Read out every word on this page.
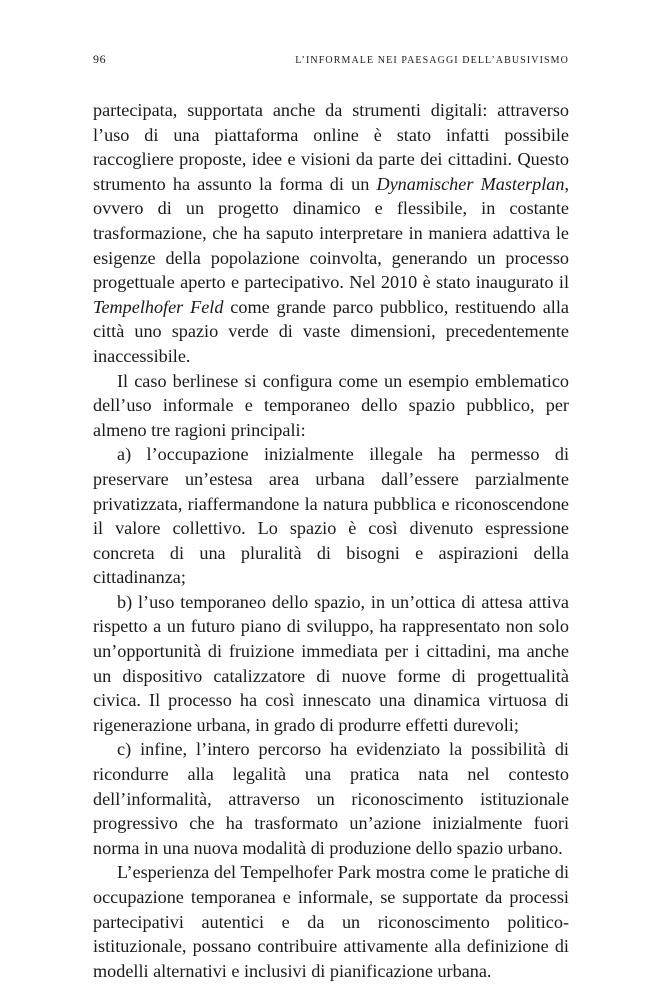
96	L’INFORMALE NEI PAESAGGI DELL’ABUSIVISMO

partecipata, supportata anche da strumenti digitali: attraverso l’uso di una piattaforma online è stato infatti possibile raccogliere proposte, idee e visioni da parte dei cittadini. Questo strumento ha assunto la forma di un Dynamischer Masterplan, ovvero di un progetto dinamico e flessibile, in costante trasformazione, che ha saputo interpretare in maniera adattiva le esigenze della popolazione coinvolta, generando un processo progettuale aperto e partecipativo. Nel 2010 è stato inaugurato il Tempelhofer Feld come grande parco pubblico, restituendo alla città uno spazio verde di vaste dimensioni, precedentemente inaccessibile.

Il caso berlinese si configura come un esempio emblematico dell’uso informale e temporaneo dello spazio pubblico, per almeno tre ragioni principali:

a) l’occupazione inizialmente illegale ha permesso di preservare un’estesa area urbana dall’essere parzialmente privatizzata, riaffermandone la natura pubblica e riconoscendone il valore collettivo. Lo spazio è così divenuto espressione concreta di una pluralità di bisogni e aspirazioni della cittadinanza;

b) l’uso temporaneo dello spazio, in un’ottica di attesa attiva rispetto a un futuro piano di sviluppo, ha rappresentato non solo un’opportunità di fruizione immediata per i cittadini, ma anche un dispositivo catalizzatore di nuove forme di progettualità civica. Il processo ha così innescato una dinamica virtuosa di rigenerazione urbana, in grado di produrre effetti durevoli;

c) infine, l’intero percorso ha evidenziato la possibilità di ricondurre alla legalità una pratica nata nel contesto dell’informalità, attraverso un riconoscimento istituzionale progressivo che ha trasformato un’azione inizialmente fuori norma in una nuova modalità di produzione dello spazio urbano.

L’esperienza del Tempelhofer Park mostra come le pratiche di occupazione temporanea e informale, se supportate da processi partecipativi autentici e da un riconoscimento politico-istituzionale, possano contribuire attivamente alla definizione di modelli alternativi e inclusivi di pianificazione urbana.
